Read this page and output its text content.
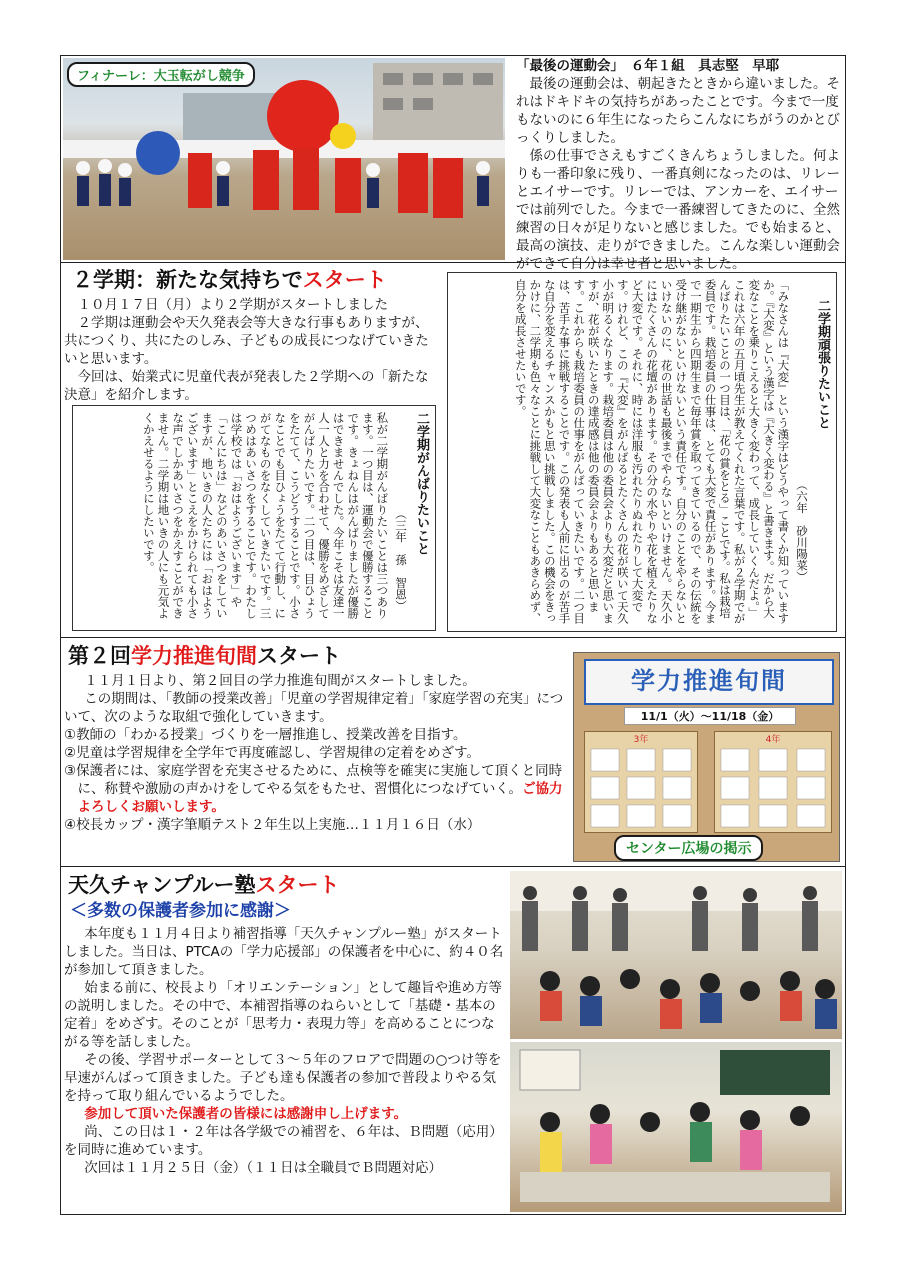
フィナーレ：大玉転がし競争

「最後の運動会」　６年１組　具志堅　早耶

最後の運動会は、朝起きたときから違いました。それはドキドキの気持ちがあったことです。今まで一度もないのに６年生になったらこんなにちがうのかとびっくりしました。

係の仕事でさえもすごくきんちょうしました。何よりも一番印象に残り、一番真剣になったのは、リレーとエイサーです。リレーでは、アンカーを、エイサーでは前列でした。今まで一番練習してきたのに、全然練習の日々が足りないと感じました。でも始まると、最高の演技、走りができました。こんな楽しい運動会ができて自分は幸せ者と思いました。

２学期：新たな気持ちでスタート

１０月１７日（月）より２学期がスタートしました

２学期は運動会や天久発表会等大きな行事もありますが、共につくり、共にたのしみ、子どもの成長につなげていきたいと思います。

今回は、始業式に児童代表が発表した２学期への「新たな決意」を紹介します。

二学期がんばりたいこと
（三年　孫　智恩）
私が二学期がんばりたいことは三つあります。一つ目は、運動会で優勝することです。きょねんはがんばりましたが優勝はできませんでした。今年こそは友達一人一人と力を合わせて、優勝をめざしてがんばりたいです。二つ目は、目ひょうをたてて、こうどうすることです。小さなことでも目ひょうをたてて行動し、にがてなものをなくしていきたいです。三つめはあいさつをすることです。わたしは学校では「おはようございます」や「こんにちは」などのあいさつをしていますが、地いきの人たちには「おはようございます」とこえをかけられても小さな声でしかあいさつをかえすことができません。二学期は地いきの人にも元気よくかえせるようにしたいです。
二学期頑張りたいこと
（六年　砂川陽菜）
「みなさんは『大変』という漢字はどうやって書くか知っていますか。『大変』という漢字は『大きく変わる』と書きます。だから大変なことを乗りこえると大きく変わって、成長していくんだよ。」これは六年の五月頃先生が教えてくれた言葉です。私が２学期でがんばりたいことの一つ目は、「花の賞をとる」ことです。私は栽培委員です。栽培委員の仕事は、とても大変で責任があります。今まで一期生から四期生まで毎年賞を取ってきているので、その伝統を受け継がないといけないという責任です。自分のことをやらないといけないのに、花の世話も最後までやらないといけません。天久小にはたくさんの花壇があります。その分の水やりや花を植えたりなど大変です。それに、時には洋服も汚れたりぬれたりして大変です。けれど、この『大変』をがんばるとたくさんの花が咲いて天久小が明るくなります。栽培委員は他の委員会よりも大変だと思いますが、花が咲いたときの達成感は他の委員会よりもあると思います。これからも栽培委員の仕事をがんばっていきたいです。二つ目は、苦手な事に挑戦することです。この発表も人前に出るのが苦手な自分を変えるチャンスかもと思い挑戦しました。この機会をきっかけに、二学期も色々なことに挑戦して大変なこともあきらめず、自分を成長させたいです。
第２回学力推進旬間スタート

１１月１日より、第２回目の学力推進旬間がスタートしました。

この期間は、「教師の授業改善」「児童の学習規律定着」「家庭学習の充実」について、次のような取組で強化していきます。

①教師の「わかる授業」づくりを一層推進し、授業改善を目指す。

②児童は学習規律を全学年で再度確認し、学習規律の定着をめざす。

③保護者には、家庭学習を充実させるために、点検等を確実に実施して頂くと同時に、称賛や激励の声かけをしてやる気をもたせ、習慣化につなげていく。ご協力よろしくお願いします。

④校長カップ・漢字筆順テスト２年生以上実施…１１月１６日（水）

学力推進旬間
11/1（火）～11/18（金）
3年	4年
センター広場の掲示
天久チャンプルー塾スタート
＜多数の保護者参加に感謝＞

本年度も１１月４日より補習指導「天久チャンプルー塾」がスタートしました。当日は、PTCAの「学力応援部」の保護者を中心に、約４０名が参加して頂きました。

始まる前に、校長より「オリエンテーション」として趣旨や進め方等の説明しました。その中で、本補習指導のねらいとして「基礎・基本の定着」をめざす。そのことが「思考力・表現力等」を高めることにつながる等を話しました。

その後、学習サポーターとして３～５年のフロアで問題の○つけ等を早速がんばって頂きました。子ども達も保護者の参加で普段よりやる気を持って取り組んでいるようでした。

参加して頂いた保護者の皆様には感謝申し上げます。

尚、この日は１・２年は各学級での補習を、６年は、Ｂ問題（応用）を同時に進めています。

次回は１１月２５日（金）（１１日は全職員でＢ問題対応）
